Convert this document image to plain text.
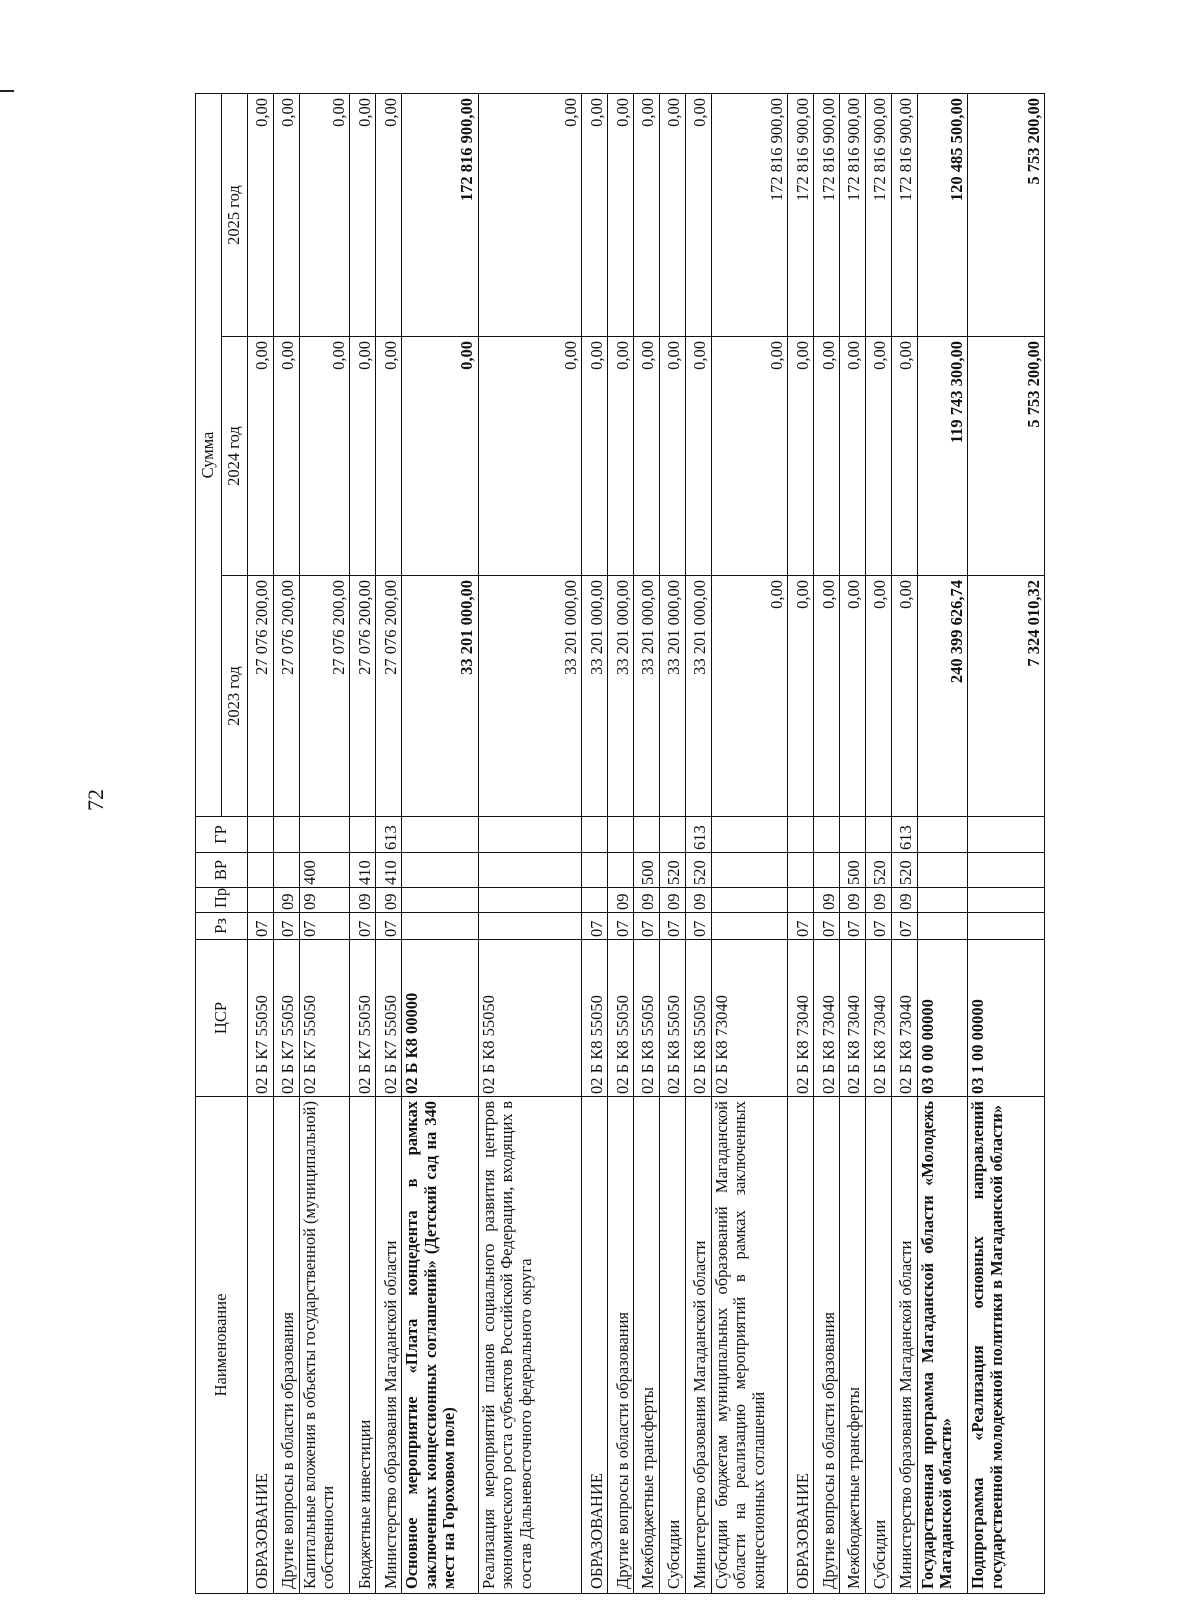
72
Наименование	ЦСР	Рз	Пр	ВР	ГР	Сумма		
						2023 год	2024 год	2025 год
ОБРАЗОВАНИЕ	02 Б К7 55050	07				27 076 200,00	0,00	0,00
Другие вопросы в области образования	02 Б К7 55050	07	09			27 076 200,00	0,00	0,00
Капитальные вложения в объекты государственной (муниципальной) собственности	02 Б К7 55050	07	09	400		27 076 200,00	0,00	0,00
Бюджетные инвестиции	02 Б К7 55050	07	09	410		27 076 200,00	0,00	0,00
Министерство образования Магаданской области	02 Б К7 55050	07	09	410	613	27 076 200,00	0,00	0,00
Основное мероприятие «Плата концедента в рамках заключенных концессионных соглашений» (Детский сад на 340 мест на Гороховом поле)	02 Б К8 00000					33 201 000,00	0,00	172 816 900,00
Реализация мероприятий планов социального развития центров экономического роста субъектов Российской Федерации, входящих в состав Дальневосточного федерального округа	02 Б К8 55050					33 201 000,00	0,00	0,00
ОБРАЗОВАНИЕ	02 Б К8 55050	07				33 201 000,00	0,00	0,00
Другие вопросы в области образования	02 Б К8 55050	07	09			33 201 000,00	0,00	0,00
Межбюджетные трансферты	02 Б К8 55050	07	09	500		33 201 000,00	0,00	0,00
Субсидии	02 Б К8 55050	07	09	520		33 201 000,00	0,00	0,00
Министерство образования Магаданской области	02 Б К8 55050	07	09	520	613	33 201 000,00	0,00	0,00
Субсидии бюджетам муниципальных образований Магаданской области на реализацию мероприятий в рамках заключенных концессионных соглашений	02 Б К8 73040					0,00	0,00	172 816 900,00
ОБРАЗОВАНИЕ	02 Б К8 73040	07				0,00	0,00	172 816 900,00
Другие вопросы в области образования	02 Б К8 73040	07	09			0,00	0,00	172 816 900,00
Межбюджетные трансферты	02 Б К8 73040	07	09	500		0,00	0,00	172 816 900,00
Субсидии	02 Б К8 73040	07	09	520		0,00	0,00	172 816 900,00
Министерство образования Магаданской области	02 Б К8 73040	07	09	520	613	0,00	0,00	172 816 900,00
Государственная программа Магаданской области «Молодежь Магаданской области»	03 0 00 00000					240 399 626,74	119 743 300,00	120 485 500,00
Подпрограмма «Реализация основных направлений государственной молодежной политики в Магаданской области»	03 1 00 00000					7 324 010,32	5 753 200,00	5 753 200,00
